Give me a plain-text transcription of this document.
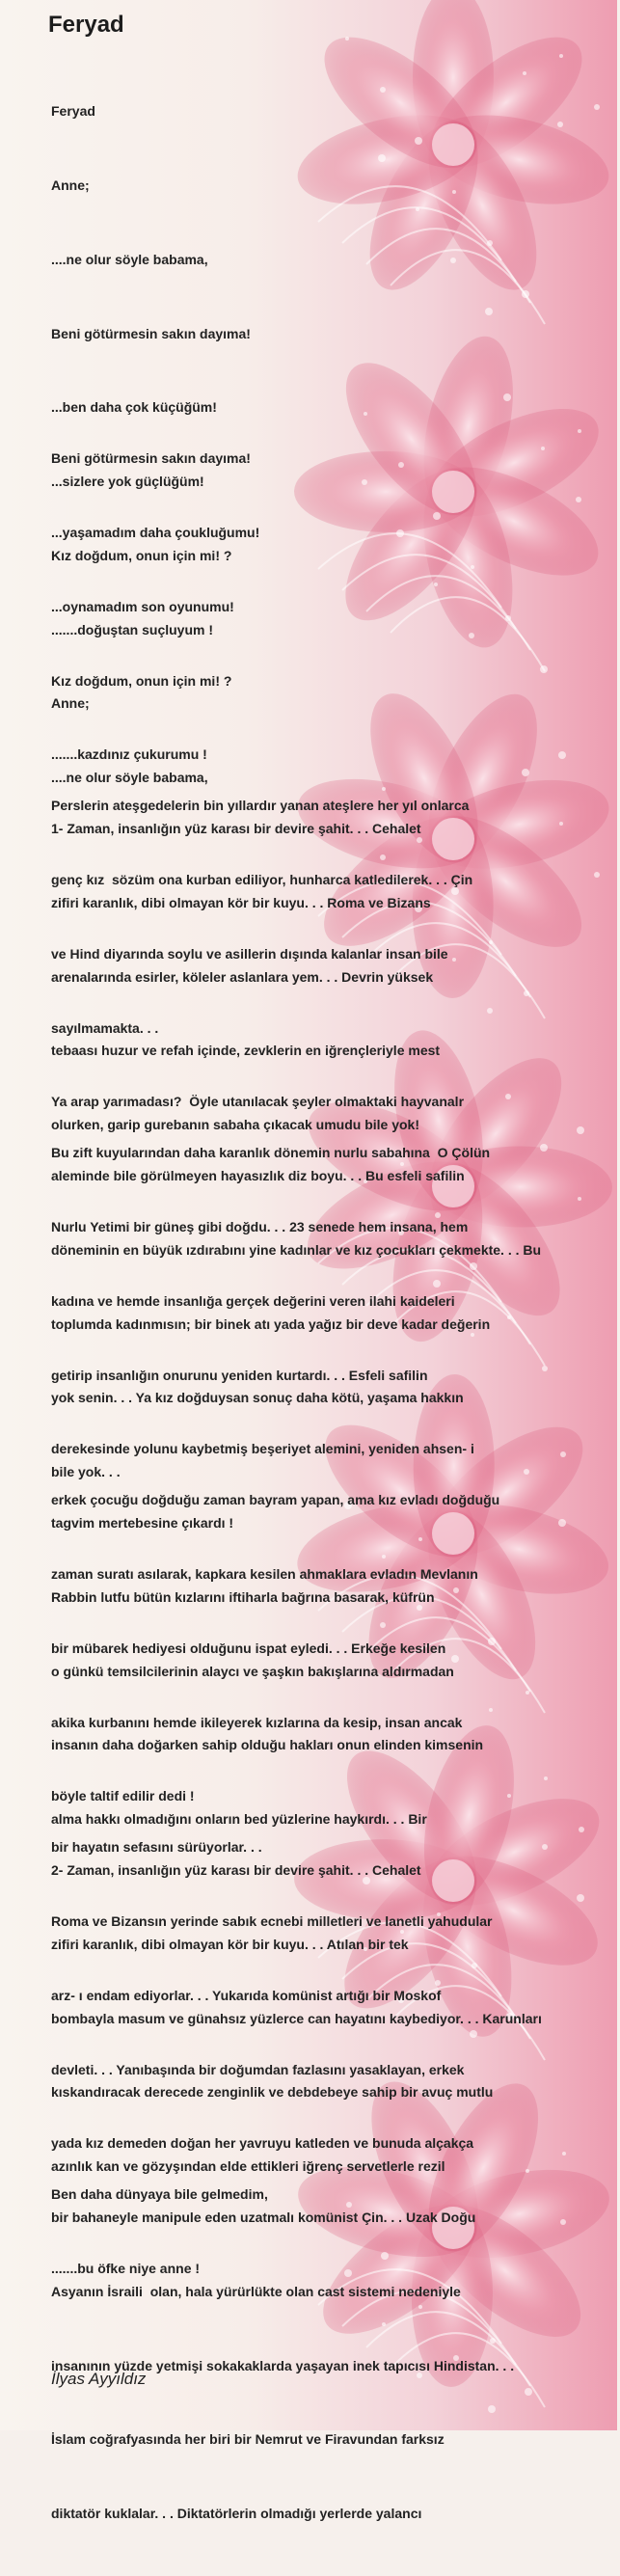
Feryad

Feryad

Anne;

....ne olur söyle babama,

Beni götürmesin sakın dayıma!

...ben daha çok küçüğüm!

...sizlere yok güçlüğüm!

Kız doğdum, onun için mi! ?

.......doğuştan suçluyum !

Anne;

....ne olur söyle babama,

Beni götürmesin sakın dayıma!

...yaşamadım daha çoukluğumu!

...oynamadım son oyunumu!

Kız doğdum, onun için mi! ?

.......kazdınız çukurumu !

1- Zaman, insanlığın yüz karası bir devire şahit. . . Cehalet

zifiri karanlık, dibi olmayan kör bir kuyu. . . Roma ve Bizans

arenalarında esirler, köleler aslanlara yem. . . Devrin yüksek

tebaası huzur ve refah içinde, zevklerin en iğrençleriyle mest

olurken, garip gurebanın sabaha çıkacak umudu bile yok!

Perslerin ateşgedelerin bin yıllardır yanan ateşlere her yıl onlarca

genç kız  sözüm ona kurban ediliyor, hunharca katledilerek. . . Çin

ve Hind diyarında soylu ve asillerin dışında kalanlar insan bile

sayılmamakta. . .

Ya arap yarımadası?  Öyle utanılacak şeyler olmaktaki hayvanalr

aleminde bile görülmeyen hayasızlık diz boyu. . . Bu esfeli safilin

döneminin en büyük ızdırabını yine kadınlar ve kız çocukları çekmekte. . . Bu

toplumda kadınmısın; bir binek atı yada yağız bir deve kadar değerin

yok senin. . . Ya kız doğduysan sonuç daha kötü, yaşama hakkın

bile yok. . .

Bu zift kuyularından daha karanlık dönemin nurlu sabahına  O Çölün

Nurlu Yetimi bir güneş gibi doğdu. . . 23 senede hem insana, hem

kadına ve hemde insanlığa gerçek değerini veren ilahi kaideleri

getirip insanlığın onurunu yeniden kurtardı. . . Esfeli safilin

derekesinde yolunu kaybetmiş beşeriyet alemini, yeniden ahsen- i

tagvim mertebesine çıkardı !

Rabbin lutfu bütün kızlarını iftiharla bağrına basarak, küfrün

o günkü temsilcilerinin alaycı ve şaşkın bakışlarına aldırmadan

insanın daha doğarken sahip olduğu hakları onun elinden kimsenin

alma hakkı olmadığını onların bed yüzlerine haykırdı. . . Bir

erkek çocuğu doğduğu zaman bayram yapan, ama kız evladı doğduğu

zaman suratı asılarak, kapkara kesilen ahmaklara evladın Mevlanın

bir mübarek hediyesi olduğunu ispat eyledi. . . Erkeğe kesilen

akika kurbanını hemde ikileyerek kızlarına da kesip, insan ancak

böyle taltif edilir dedi !

2- Zaman, insanlığın yüz karası bir devire şahit. . . Cehalet

zifiri karanlık, dibi olmayan kör bir kuyu. . . Atılan bir tek

bombayla masum ve günahsız yüzlerce can hayatını kaybediyor. . . Karunları

kıskandıracak derecede zenginlik ve debdebeye sahip bir avuç mutlu

azınlık kan ve gözyşından elde ettikleri iğrenç servetlerle rezil

bir hayatın sefasını sürüyorlar. . .

Roma ve Bizansın yerinde sabık ecnebi milletleri ve lanetli yahudular

arz- ı endam ediyorlar. . . Yukarıda komünist artığı bir Moskof

devleti. . . Yanıbaşında bir doğumdan fazlasını yasaklayan, erkek

yada kız demeden doğan her yavruyu katleden ve bunuda alçakça

bir bahaneyle manipule eden uzatmalı komünist Çin. . . Uzak Doğu

Asyanın İsraili  olan, hala yürürlükte olan cast sistemi nedeniyle

insanının yüzde yetmişi sokakaklarda yaşayan inek tapıcısı Hindistan. . .

İslam coğrafyasında her biri bir Nemrut ve Firavundan farksız

diktatör kuklalar. . . Diktatörlerin olmadığı yerlerde yalancı

Ben daha dünyaya bile gelmedim,

.......bu öfke niye anne !

İlyas Ayyıldız
